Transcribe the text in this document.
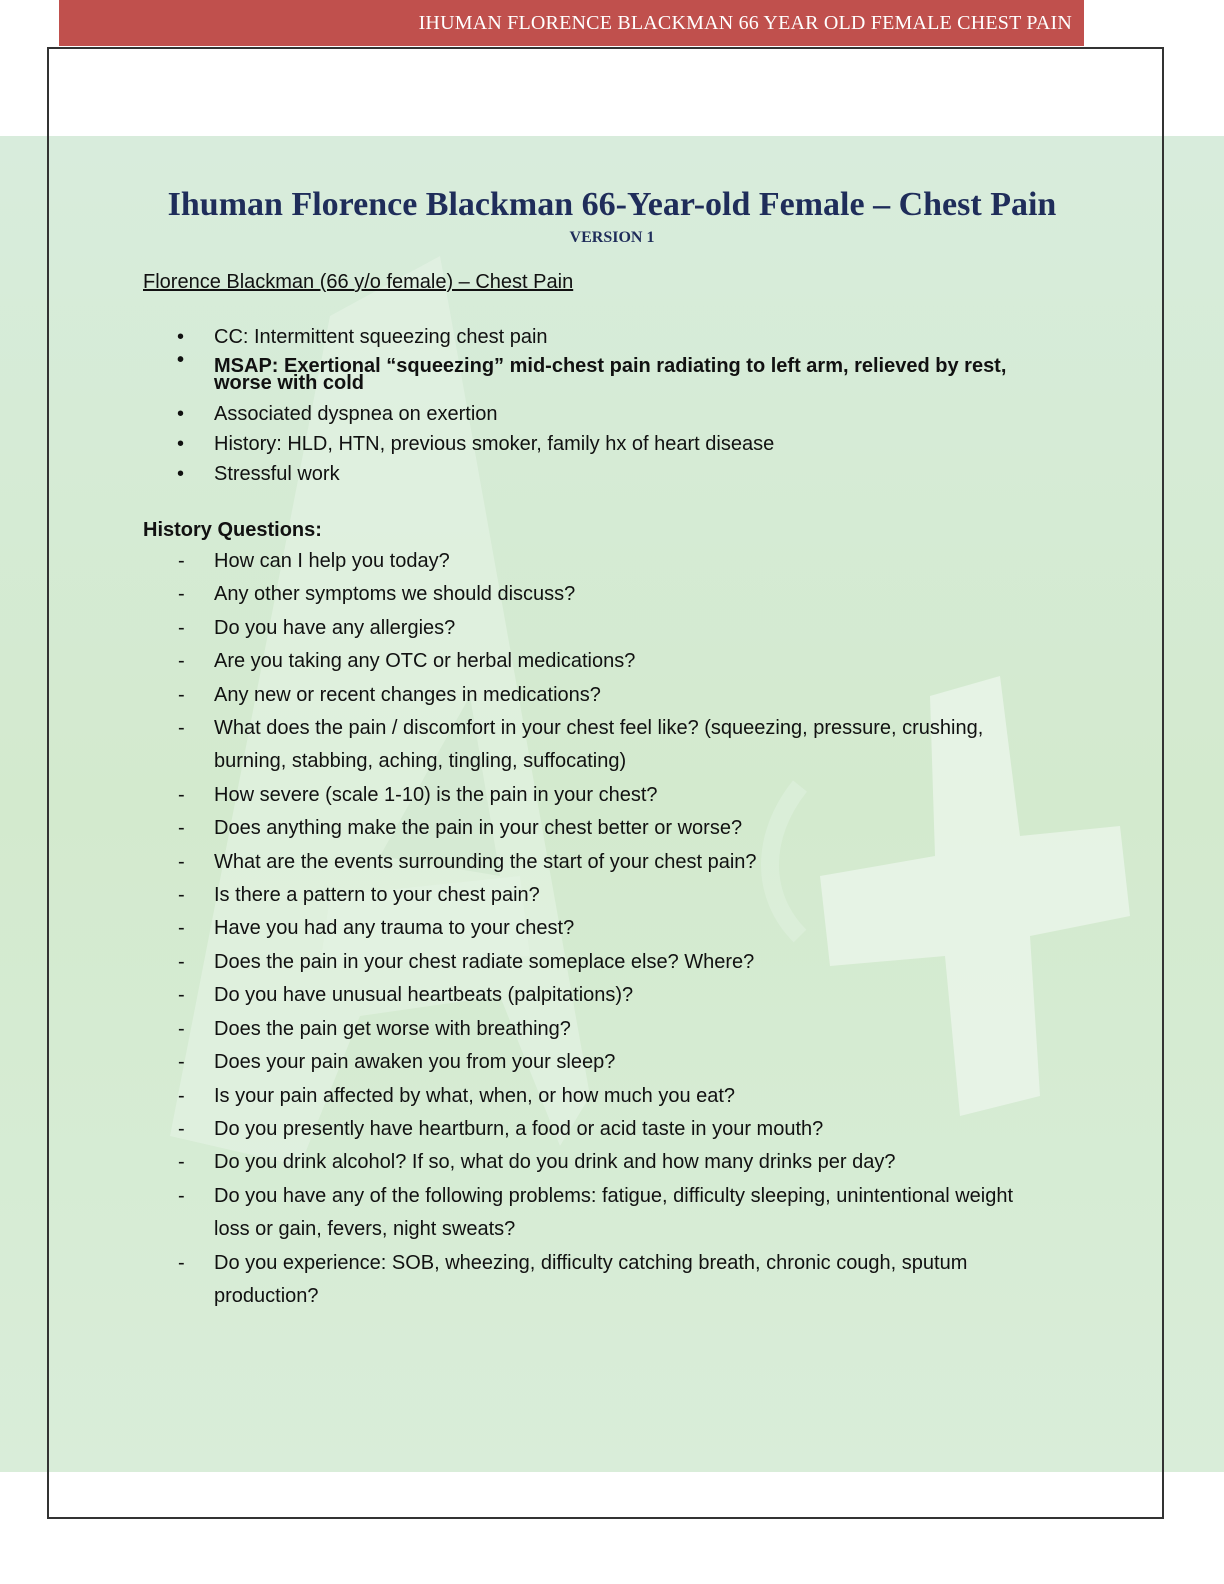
IHUMAN FLORENCE BLACKMAN 66 YEAR OLD FEMALE CHEST PAIN
Ihuman Florence Blackman 66-Year-old Female – Chest Pain
VERSION 1
Florence Blackman (66 y/o female) – Chest Pain
• CC: Intermittent squeezing chest pain
• MSAP: Exertional “squeezing” mid-chest pain radiating to left arm, relieved by rest, worse with cold
• Associated dyspnea on exertion
• History: HLD, HTN, previous smoker, family hx of heart disease
• Stressful work
History Questions:
- How can I help you today?
- Any other symptoms we should discuss?
- Do you have any allergies?
- Are you taking any OTC or herbal medications?
- Any new or recent changes in medications?
- What does the pain / discomfort in your chest feel like? (squeezing, pressure, crushing, burning, stabbing, aching, tingling, suffocating)
- How severe (scale 1-10) is the pain in your chest?
- Does anything make the pain in your chest better or worse?
- What are the events surrounding the start of your chest pain?
- Is there a pattern to your chest pain?
- Have you had any trauma to your chest?
- Does the pain in your chest radiate someplace else? Where?
- Do you have unusual heartbeats (palpitations)?
- Does the pain get worse with breathing?
- Does your pain awaken you from your sleep?
- Is your pain affected by what, when, or how much you eat?
- Do you presently have heartburn, a food or acid taste in your mouth?
- Do you drink alcohol? If so, what do you drink and how many drinks per day?
- Do you have any of the following problems: fatigue, difficulty sleeping, unintentional weight loss or gain, fevers, night sweats?
- Do you experience: SOB, wheezing, difficulty catching breath, chronic cough, sputum production?
